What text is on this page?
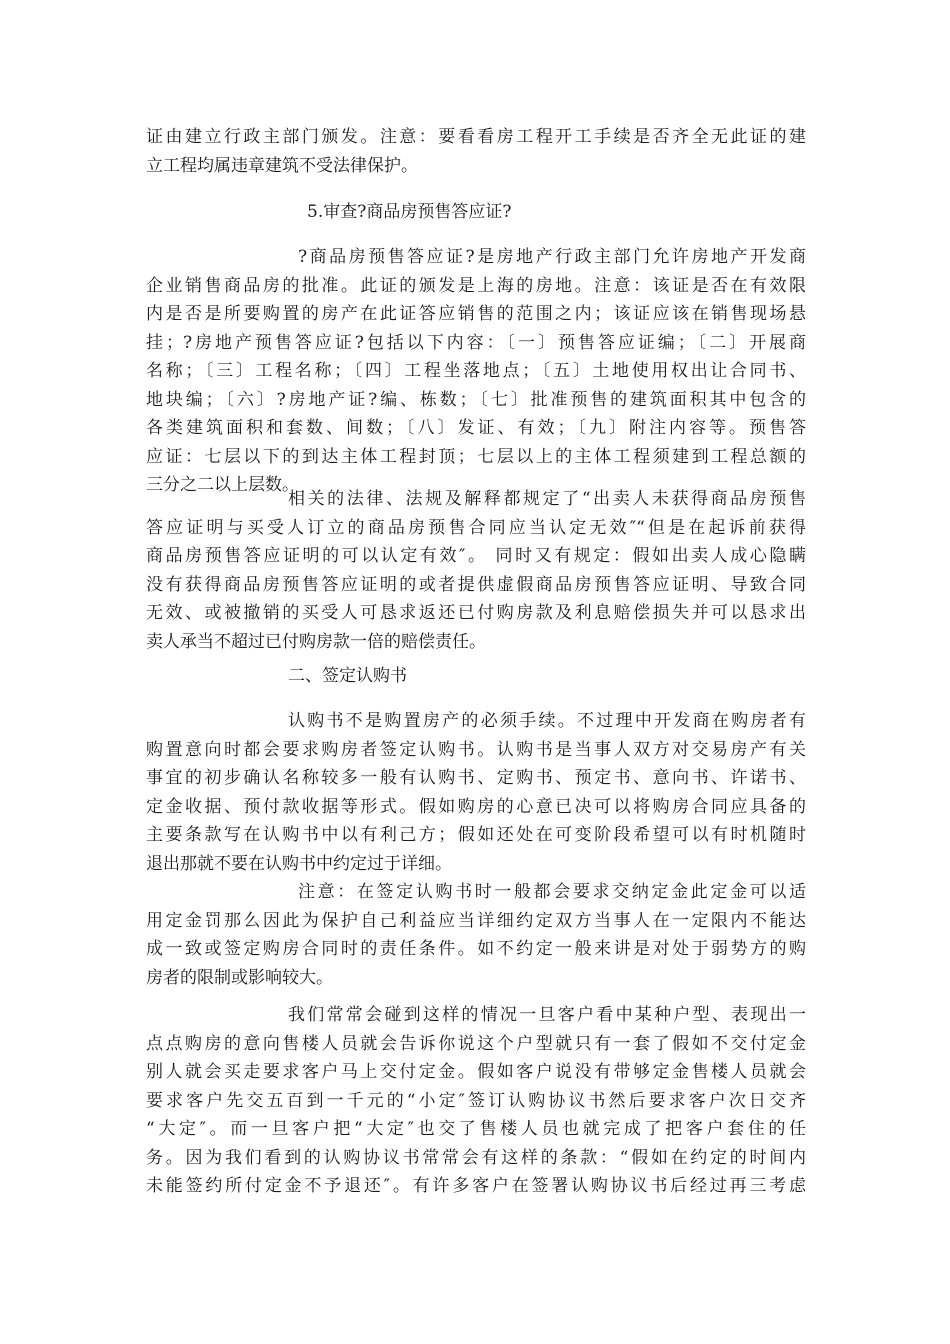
证由建立行政主部门颁发。注意：要看看房工程开工手续是否齐全无此证的建
立工程均属违章建筑不受法律保护。
5.审查?商品房预售答应证?
?商品房预售答应证?是房地产行政主部门允许房地产开发商
企业销售商品房的批准。此证的颁发是上海的房地。注意：该证是否在有效限
内是否是所要购置的房产在此证答应销售的范围之内；该证应该在销售现场悬
挂；?房地产预售答应证?包括以下内容：〔一〕预售答应证编；〔二〕开展商
名称；〔三〕工程名称；〔四〕工程坐落地点；〔五〕土地使用权出让合同书、
地块编；〔六〕?房地产证?编、栋数；〔七〕批准预售的建筑面积其中包含的
各类建筑面积和套数、间数；〔八〕发证、有效；〔九〕附注内容等。预售答
应证：七层以下的到达主体工程封顶；七层以上的主体工程须建到工程总额的
三分之二以上层数。
相关的法律、法规及解释都规定了“出卖人未获得商品房预售
答应证明与买受人订立的商品房预售合同应当认定无效″“但是在起诉前获得
商品房预售答应证明的可以认定有效″。 同时又有规定：假如出卖人成心隐瞒
没有获得商品房预售答应证明的或者提供虚假商品房预售答应证明、导致合同
无效、或被撤销的买受人可恳求返还已付购房款及利息赔偿损失并可以恳求出
卖人承当不超过已付购房款一倍的赔偿责任。
二、签定认购书
认购书不是购置房产的必须手续。不过理中开发商在购房者有
购置意向时都会要求购房者签定认购书。认购书是当事人双方对交易房产有关
事宜的初步确认名称较多一般有认购书、定购书、预定书、意向书、许诺书、
定金收据、预付款收据等形式。假如购房的心意已决可以将购房合同应具备的
主要条款写在认购书中以有利己方；假如还处在可变阶段希望可以有时机随时
退出那就不要在认购书中约定过于详细。
注意：在签定认购书时一般都会要求交纳定金此定金可以适
用定金罚那么因此为保护自己利益应当详细约定双方当事人在一定限内不能达
成一致或签定购房合同时的责任条件。如不约定一般来讲是对处于弱势方的购
房者的限制或影响较大。
我们常常会碰到这样的情况一旦客户看中某种户型、表现出一
点点购房的意向售楼人员就会告诉你说这个户型就只有一套了假如不交付定金
别人就会买走要求客户马上交付定金。假如客户说没有带够定金售楼人员就会
要求客户先交五百到一千元的“小定″签订认购协议书然后要求客户次日交齐
“大定″。而一旦客户把“大定″也交了售楼人员也就完成了把客户套住的任
务。因为我们看到的认购协议书常常会有这样的条款：“假如在约定的时间内
未能签约所付定金不予退还″。有许多客户在签署认购协议书后经过再三考虑
